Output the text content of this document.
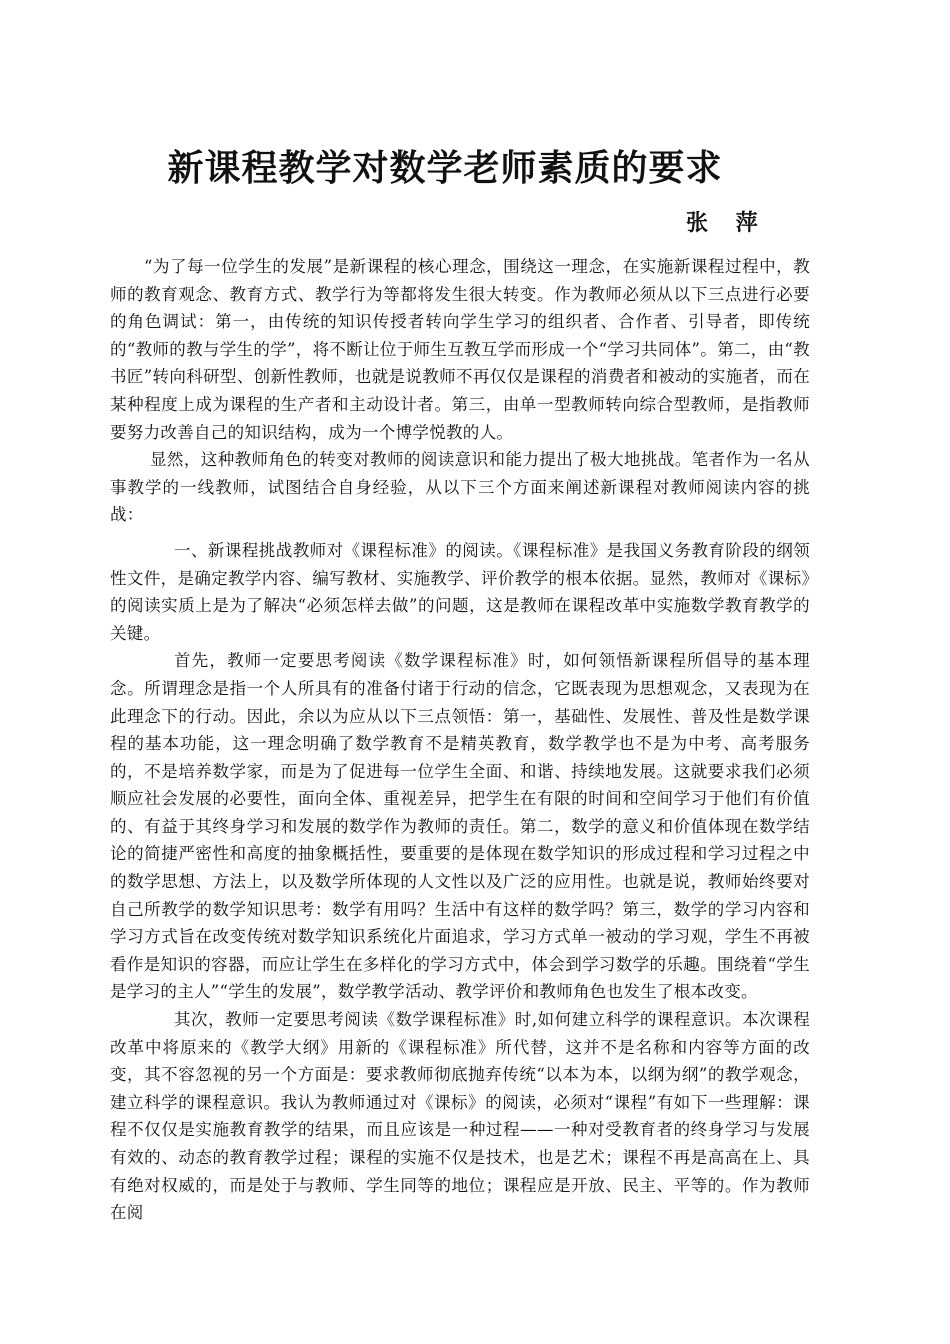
新课程教学对数学老师素质的要求
张 萍

“为了每一位学生的发展”是新课程的核心理念，围绕这一理念，在实施新课程过程中，教师的教育观念、教育方式、教学行为等都将发生很大转变。作为教师必须从以下三点进行必要的角色调试：第一，由传统的知识传授者转向学生学习的组织者、合作者、引导者，即传统的“教师的教与学生的学”，将不断让位于师生互教互学而形成一个“学习共同体”。第二，由“教书匠”转向科研型、创新性教师，也就是说教师不再仅仅是课程的消费者和被动的实施者，而在某种程度上成为课程的生产者和主动设计者。第三，由单一型教师转向综合型教师，是指教师要努力改善自己的知识结构，成为一个博学悦教的人。

显然，这种教师角色的转变对教师的阅读意识和能力提出了极大地挑战。笔者作为一名从事教学的一线教师，试图结合自身经验，从以下三个方面来阐述新课程对教师阅读内容的挑战：

一、新课程挑战教师对《课程标准》的阅读。《课程标准》是我国义务教育阶段的纲领性文件，是确定教学内容、编写教材、实施教学、评价教学的根本依据。显然，教师对《课标》的阅读实质上是为了解决“必须怎样去做”的问题，这是教师在课程改革中实施数学教育教学的关键。

首先，教师一定要思考阅读《数学课程标准》时，如何领悟新课程所倡导的基本理念。所谓理念是指一个人所具有的准备付诸于行动的信念，它既表现为思想观念，又表现为在此理念下的行动。因此，余以为应从以下三点领悟：第一，基础性、发展性、普及性是数学课程的基本功能，这一理念明确了数学教育不是精英教育，数学教学也不是为中考、高考服务的，不是培养数学家，而是为了促进每一位学生全面、和谐、持续地发展。这就要求我们必须顺应社会发展的必要性，面向全体、重视差异，把学生在有限的时间和空间学习于他们有价值的、有益于其终身学习和发展的数学作为教师的责任。第二，数学的意义和价值体现在数学结论的简捷严密性和高度的抽象概括性，要重要的是体现在数学知识的形成过程和学习过程之中的数学思想、方法上，以及数学所体现的人文性以及广泛的应用性。也就是说，教师始终要对自己所教学的数学知识思考：数学有用吗？生活中有这样的数学吗？第三，数学的学习内容和学习方式旨在改变传统对数学知识系统化片面追求，学习方式单一被动的学习观，学生不再被看作是知识的容器，而应让学生在多样化的学习方式中，体会到学习数学的乐趣。围绕着“学生是学习的主人”“学生的发展”，数学教学活动、教学评价和教师角色也发生了根本改变。

其次，教师一定要思考阅读《数学课程标准》时,如何建立科学的课程意识。本次课程改革中将原来的《教学大纲》用新的《课程标准》所代替，这并不是名称和内容等方面的改变，其不容忽视的另一个方面是：要求教师彻底抛弃传统“以本为本，以纲为纲”的教学观念，建立科学的课程意识。我认为教师通过对《课标》的阅读，必须对“课程”有如下一些理解：课程不仅仅是实施教育教学的结果，而且应该是一种过程——一种对受教育者的终身学习与发展有效的、动态的教育教学过程；课程的实施不仅是技术，也是艺术；课程不再是高高在上、具有绝对权威的，而是处于与教师、学生同等的地位；课程应是开放、民主、平等的。作为教师在阅
